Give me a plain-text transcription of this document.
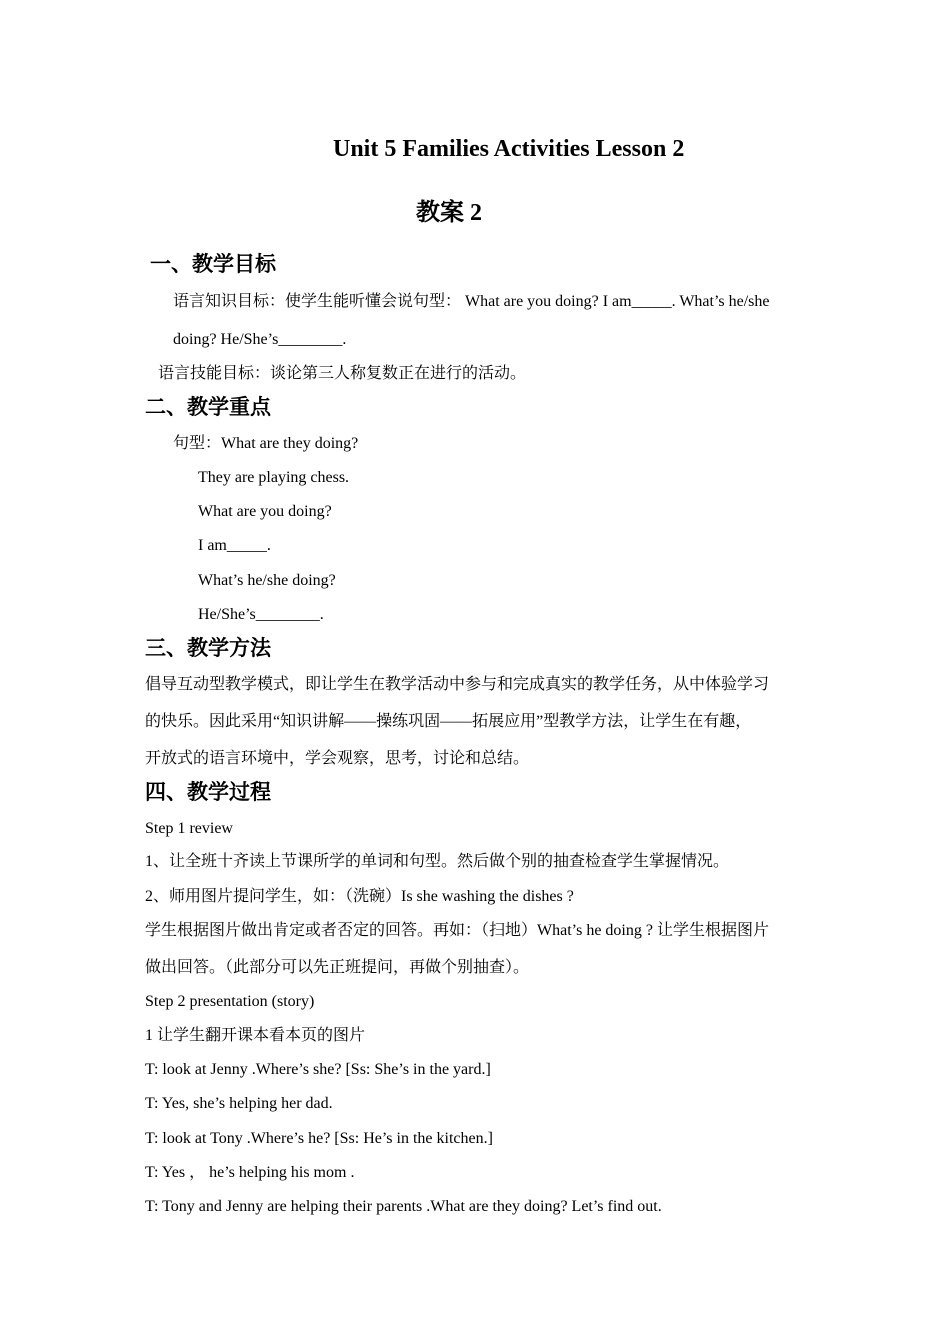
Unit 5 Families Activities Lesson 2
教案 2
一、教学目标
语言知识目标：使学生能听懂会说句型： What are you doing? I am_____. What’s he/she
doing? He/She’s________.
语言技能目标：谈论第三人称复数正在进行的活动。
二、教学重点
句型：What are they doing?
They are playing chess.
What are you doing?
I am_____.
What’s he/she doing?
He/She’s________.
三、教学方法
倡导互动型教学模式，即让学生在教学活动中参与和完成真实的教学任务，从中体验学习
的快乐。因此采用“知识讲解——操练巩固——拓展应用”型教学方法，让学生在有趣，
开放式的语言环境中，学会观察，思考，讨论和总结。
四、教学过程
Step 1 review
1、让全班十齐读上节课所学的单词和句型。然后做个别的抽查检查学生掌握情况。
2、师用图片提问学生，如：（洗碗）Is she washing the dishes ?
学生根据图片做出肯定或者否定的回答。再如：（扫地）What’s he doing ? 让学生根据图片
做出回答。（此部分可以先正班提问，再做个别抽查）。
Step 2 presentation (story)
1 让学生翻开课本看本页的图片
T: look at Jenny .Where’s she? [Ss: She’s in the yard.]
T: Yes, she’s helping her dad.
T: look at Tony .Where’s he? [Ss: He’s in the kitchen.]
T: Yes ， he’s helping his mom .
T: Tony and Jenny are helping their parents .What are they doing? Let’s find out.
